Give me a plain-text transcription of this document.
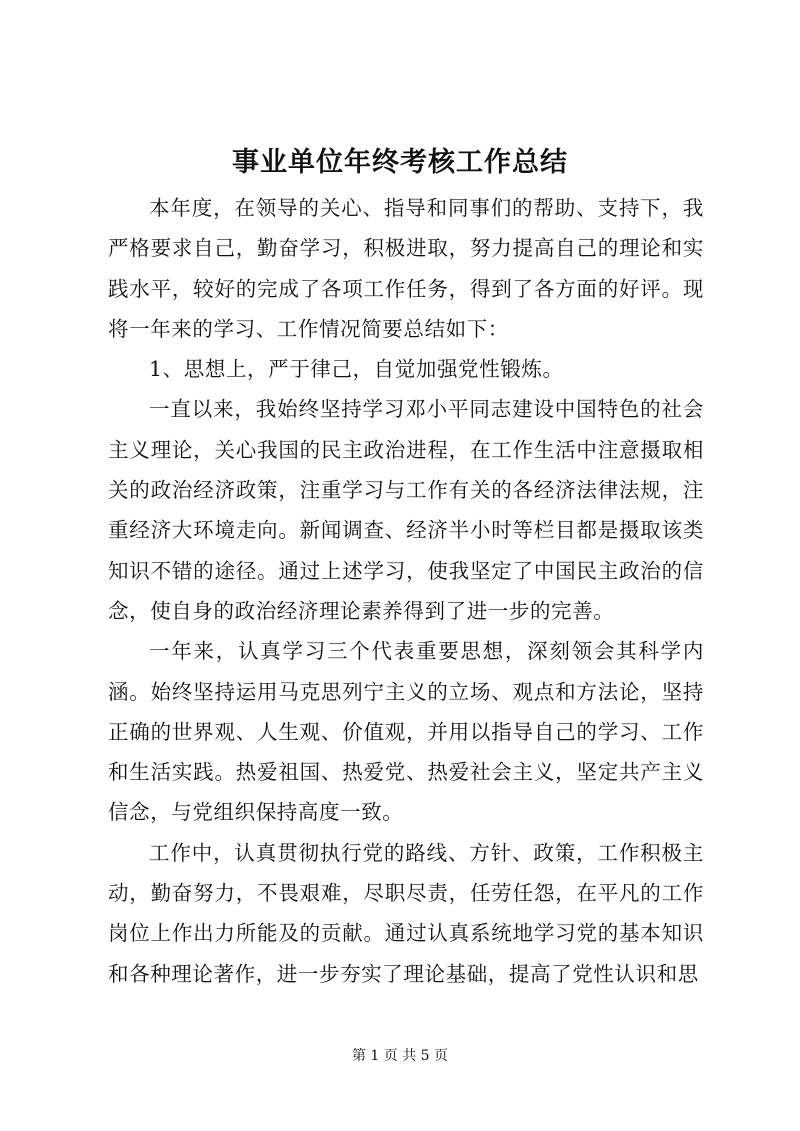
事业单位年终考核工作总结

本年度，在领导的关心、指导和同事们的帮助、支持下，我严格要求自己，勤奋学习，积极进取，努力提高自己的理论和实践水平，较好的完成了各项工作任务，得到了各方面的好评。现将一年来的学习、工作情况简要总结如下：

1、思想上，严于律己，自觉加强党性锻炼。

一直以来，我始终坚持学习邓小平同志建设中国特色的社会主义理论，关心我国的民主政治进程，在工作生活中注意摄取相关的政治经济政策，注重学习与工作有关的各经济法律法规，注重经济大环境走向。新闻调查、经济半小时等栏目都是摄取该类知识不错的途径。通过上述学习，使我坚定了中国民主政治的信念，使自身的政治经济理论素养得到了进一步的完善。

一年来，认真学习三个代表重要思想，深刻领会其科学内涵。始终坚持运用马克思列宁主义的立场、观点和方法论，坚持正确的世界观、人生观、价值观，并用以指导自己的学习、工作和生活实践。热爱祖国、热爱党、热爱社会主义，坚定共产主义信念，与党组织保持高度一致。

工作中，认真贯彻执行党的路线、方针、政策，工作积极主动，勤奋努力，不畏艰难，尽职尽责，任劳任怨，在平凡的工作岗位上作出力所能及的贡献。通过认真系统地学习党的基本知识和各种理论著作，进一步夯实了理论基础，提高了党性认识和思

第 1 页 共 5 页
